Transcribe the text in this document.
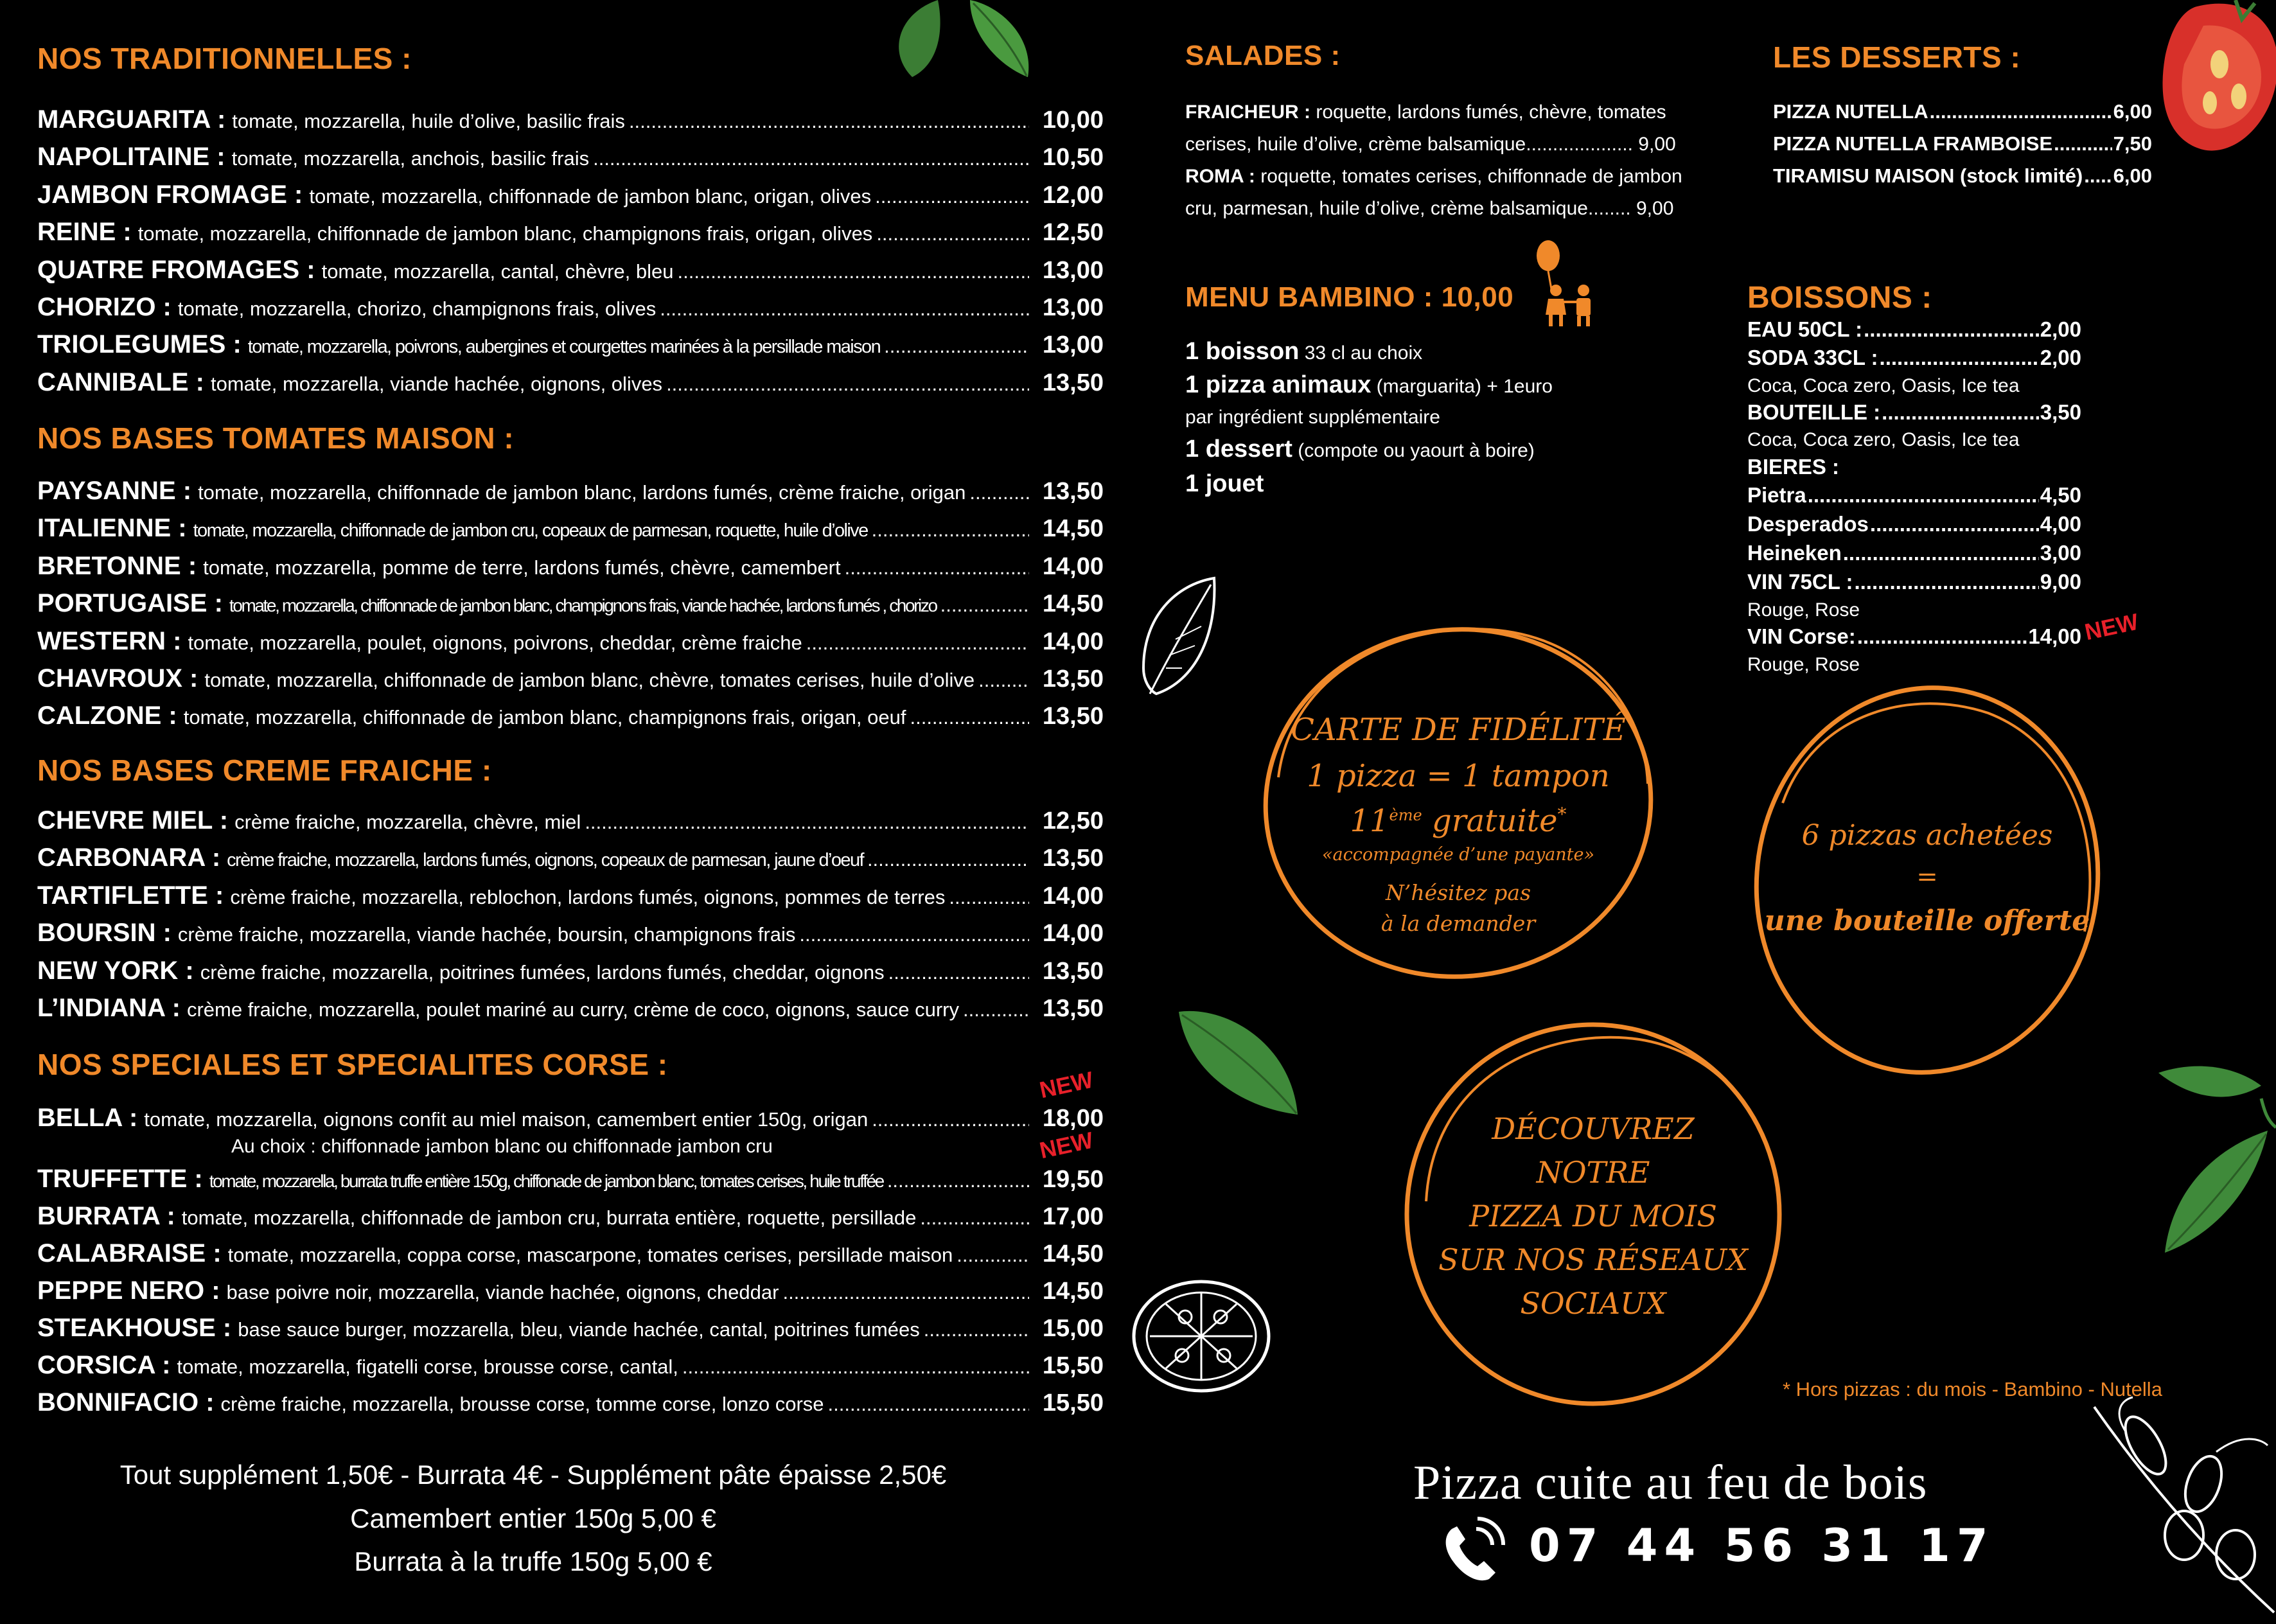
NOS TRADITIONNELLES :
NOS BASES TOMATES MAISON :
NOS BASES CREME FRAICHE :
NOS SPECIALES ET SPECIALITES CORSE :
NEW
NEW
Au choix : chiffonnade jambon blanc ou chiffonnade jambon cru
Tout supplément 1,50€ - Burrata 4€ - Supplément pâte épaisse 2,50€
Camembert entier 150g 5,00 €
Burrata à la truffe 150g 5,00 €
SALADES :
FRAICHEUR : roquette, lardons fumés, chèvre, tomates
cerises, huile d’olive, crème balsamique.................... 9,00
ROMA : roquette, tomates cerises, chiffonnade de jambon
cru, parmesan, huile d’olive, crème balsamique........ 9,00
MENU BAMBINO : 10,00
1 boisson 33 cl au choix
1 pizza animaux (marguarita) + 1euro
par ingrédient supplémentaire
1 dessert (compote ou yaourt à boire)
1 jouet
LES DESSERTS :
PIZZA NUTELLA .....	6,00
PIZZA NUTELLA FRAMBOISE .....	7,50
TIRAMISU MAISON (stock limité) ..... 6,00
BOISSONS :
EAU 50CL : .....	2,00
SODA 33CL : .....	2,00
Coca, Coca zero, Oasis, Ice tea
BOUTEILLE : .....	3,50
Coca, Coca zero, Oasis, Ice tea
BIERES :
Pietra .....	4,50
Desperados .....	4,00
Heineken .....	3,00
VIN 75CL : .....	9,00
Rouge, Rose
VIN Corse: .....	14,00 NEW
Rouge, Rose
CARTE DE FIDÉLITÉ
1 pizza = 1 tampon
11ème gratuite*
«accompagnée d’une payante»
N’hésitez pas
à la demander
6 pizzas achetées
=
une bouteille offerte
DÉCOUVREZ
NOTRE
PIZZA DU MOIS
SUR NOS RÉSEAUX
SOCIAUX
* Hors pizzas : du mois - Bambino - Nutella
Pizza cuite au feu de bois
07 44 56 31 17
MARGUARITA : tomate, mozzarella, huile d’olive, basilic frais .....	10,00
NAPOLITAINE : tomate, mozzarella, anchois, basilic frais .....	10,50
JAMBON FROMAGE : tomate, mozzarella, chiffonnade de jambon blanc, origan, olives .....	12,00
REINE : tomate, mozzarella, chiffonnade de jambon blanc, champignons frais, origan, olives .....	12,50
QUATRE FROMAGES : tomate, mozzarella, cantal, chèvre, bleu .....	13,00
CHORIZO : tomate, mozzarella, chorizo, champignons frais, olives .....	13,00
TRIOLEGUMES : tomate, mozzarella, poivrons, aubergines et courgettes marinées à la persillade maison .....	13,00
CANNIBALE : tomate, mozzarella, viande hachée, oignons, olives .....	13,50
PAYSANNE : tomate, mozzarella, chiffonnade de jambon blanc, lardons fumés, crème fraiche, origan .....	13,50
ITALIENNE : tomate, mozzarella, chiffonnade de jambon cru, copeaux de parmesan, roquette, huile d’olive .....	14,50
BRETONNE : tomate, mozzarella, pomme de terre, lardons fumés, chèvre, camembert .....	14,00
PORTUGAISE : tomate, mozzarella, chiffonnade de jambon blanc, champignons frais, viande hachée, lardons fumés , chorizo .....	14,50
WESTERN : tomate, mozzarella, poulet, oignons, poivrons, cheddar, crème fraiche .....	14,00
CHAVROUX : tomate, mozzarella, chiffonnade de jambon blanc, chèvre, tomates cerises, huile d’olive .....	13,50
CALZONE : tomate, mozzarella, chiffonnade de jambon blanc, champignons frais, origan, oeuf .....	13,50
CHEVRE MIEL : crème fraiche, mozzarella, chèvre, miel .....	12,50
CARBONARA : crème fraiche, mozzarella, lardons fumés, oignons, copeaux de parmesan, jaune d’oeuf .....	13,50
TARTIFLETTE : crème fraiche, mozzarella, reblochon, lardons fumés, oignons, pommes de terres .....	14,00
BOURSIN : crème fraiche, mozzarella, viande hachée, boursin, champignons frais .....	14,00
NEW YORK : crème fraiche, mozzarella, poitrines fumées, lardons fumés, cheddar, oignons .....	13,50
L’INDIANA : crème fraiche, mozzarella, poulet mariné au curry, crème de coco, oignons, sauce curry .....	13,50
BELLA : tomate, mozzarella, oignons confit au miel maison, camembert entier 150g, origan .....	18,00
TRUFFETTE : tomate, mozzarella, burrata truffe entière 150g, chiffonade de jambon blanc, tomates cerises, huile truffée .....	19,50
BURRATA : tomate, mozzarella, chiffonnade de jambon cru, burrata entière, roquette, persillade .....	17,00
CALABRAISE : tomate, mozzarella, coppa corse, mascarpone, tomates cerises, persillade maison .....	14,50
PEPPE NERO : base poivre noir, mozzarella, viande hachée, oignons, cheddar .....	14,50
STEAKHOUSE : base sauce burger, mozzarella, bleu, viande hachée, cantal, poitrines fumées .....	15,00
CORSICA : tomate, mozzarella, figatelli corse, brousse corse, cantal, .....	15,50
BONNIFACIO : crème fraiche, mozzarella, brousse corse, tomme corse, lonzo corse .....	15,50
